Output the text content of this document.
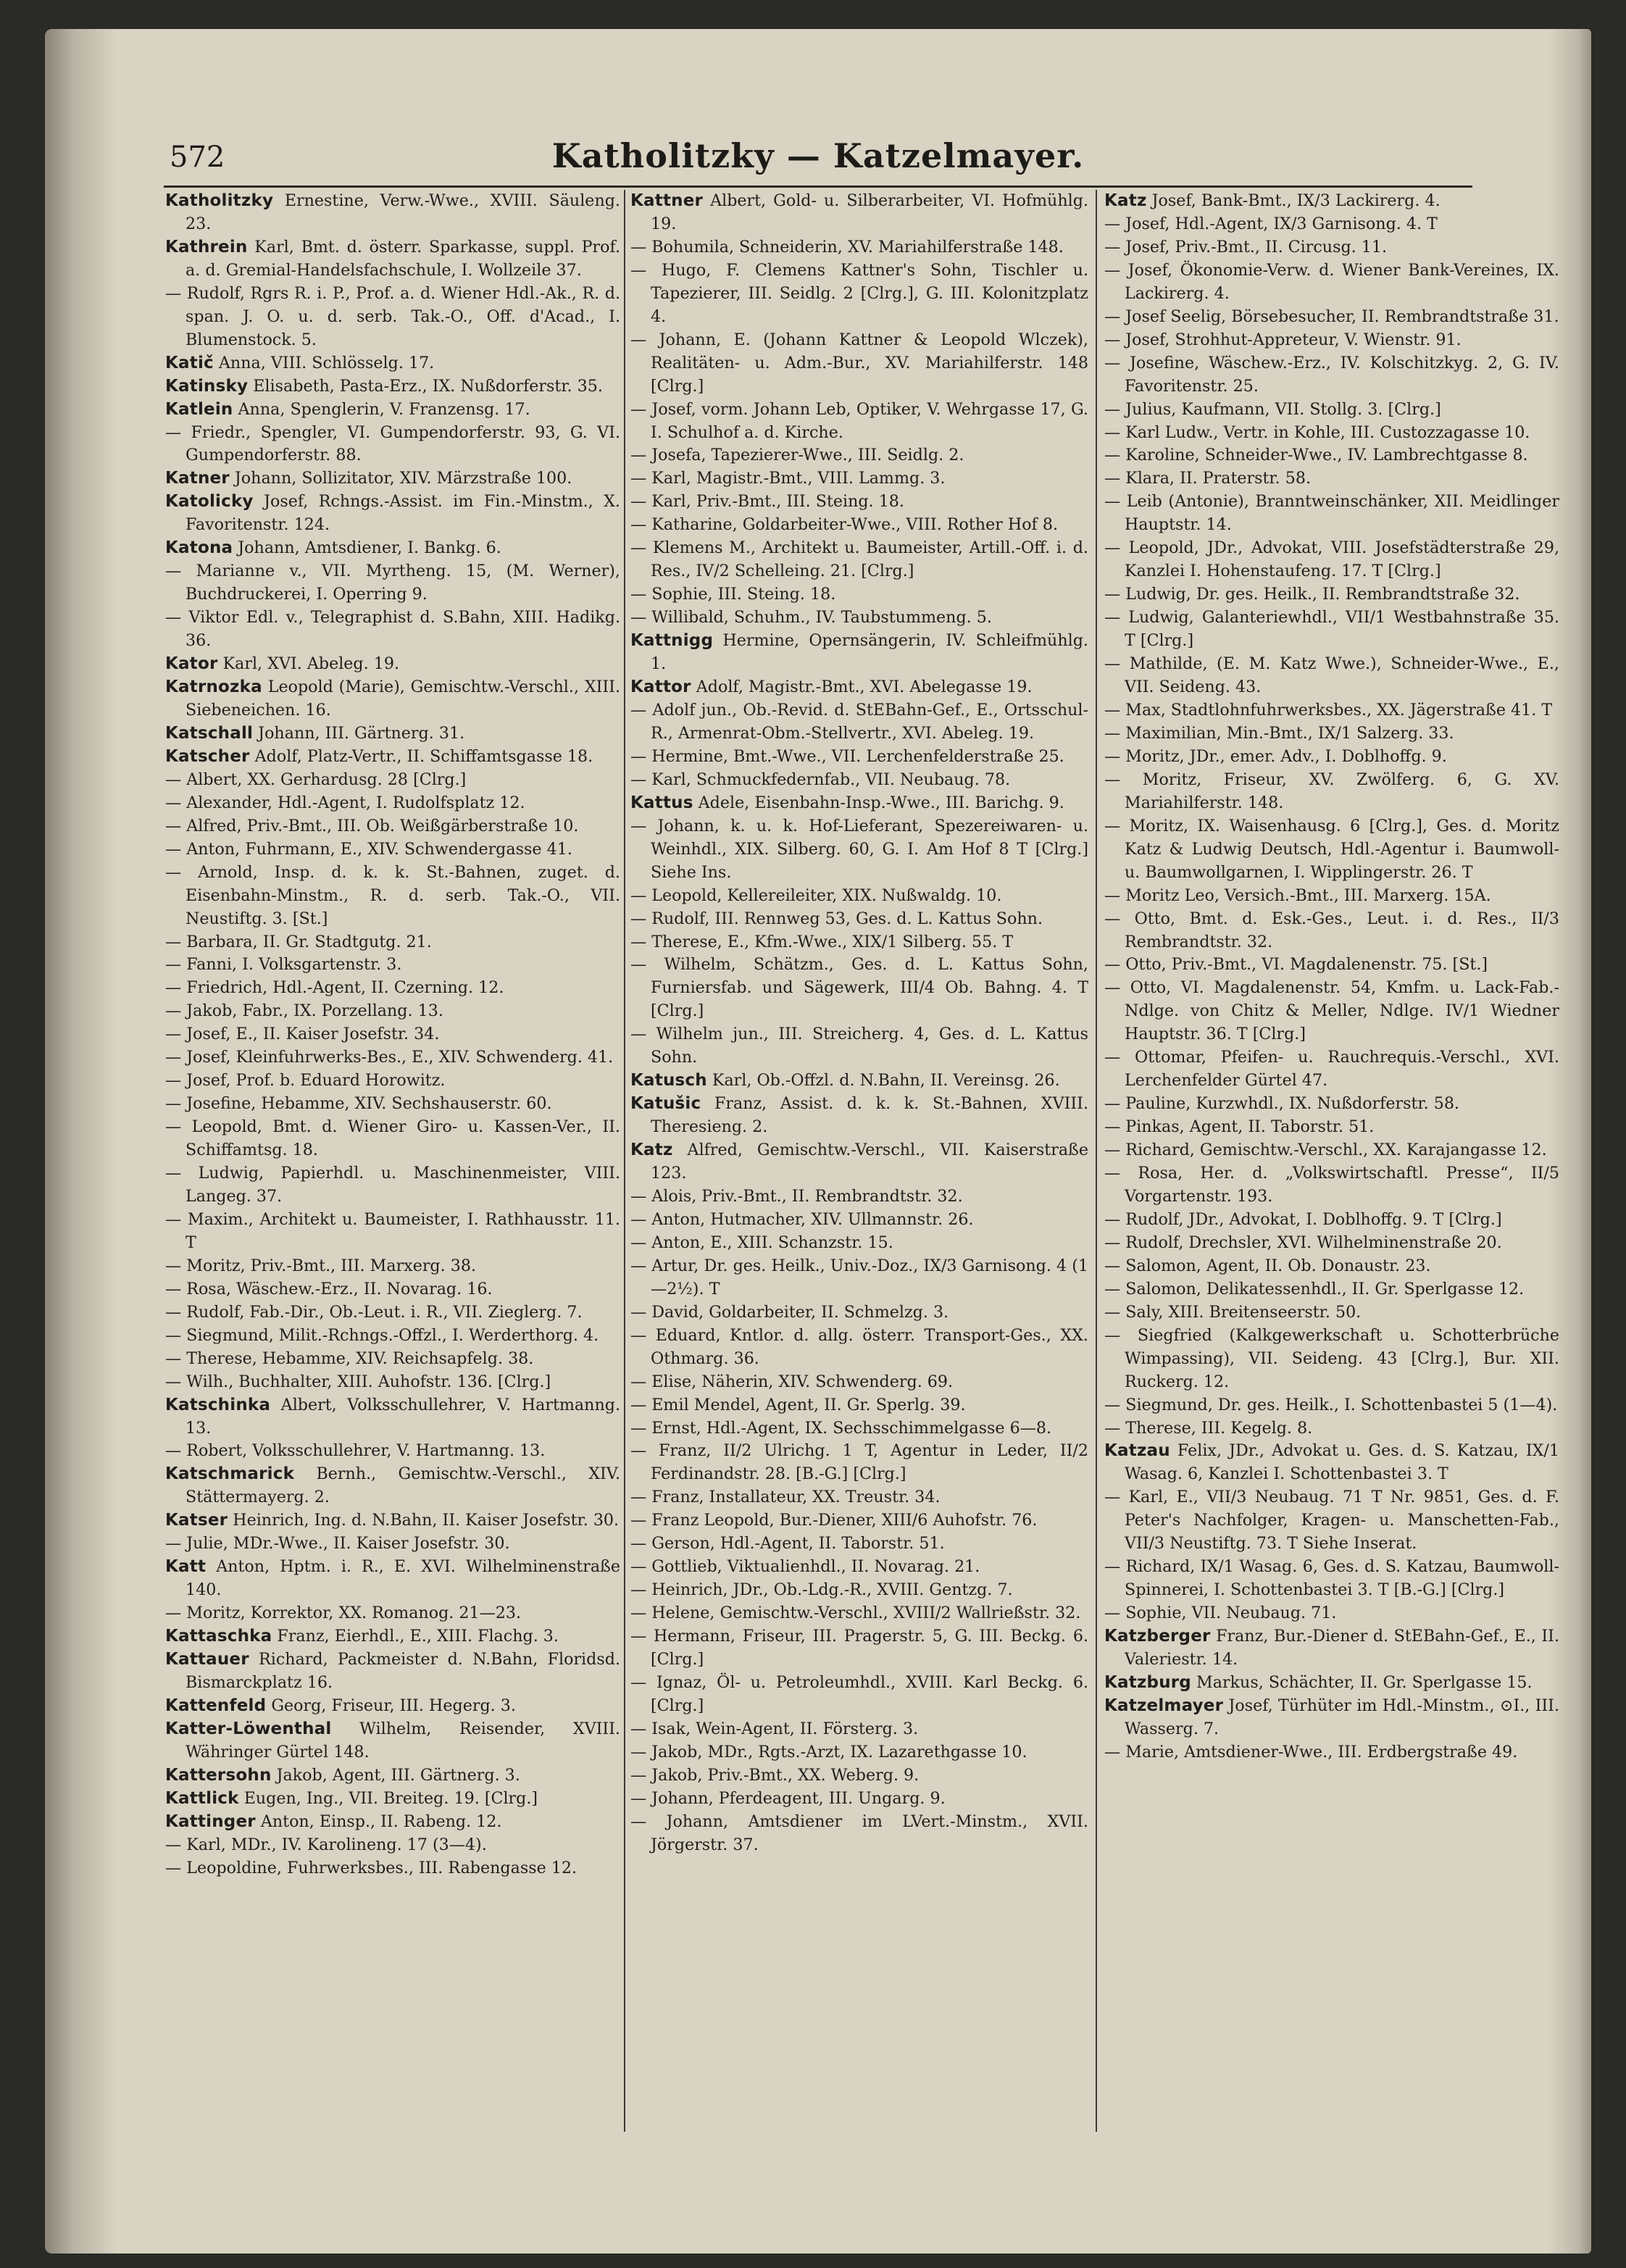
572	Katholitzky — Katzelmayer.
Katholitzky Ernestine, Verw.-Wwe., XVIII. Säuleng. 23.
Kathrein Karl, Bmt. d. österr. Sparkasse, suppl. Prof. a. d. Gremial-Handelsfachschule, I. Wollzeile 37.
— Rudolf, Rgrs R. i. P., Prof. a. d. Wiener Hdl.-Ak., R. d. span. J. O. u. d. serb. Tak.-O., Off. d'Acad., I. Blumenstock. 5.
Katič Anna, VIII. Schlösselg. 17.
Katinsky Elisabeth, Pasta-Erz., IX. Nußdorferstr. 35.
Katlein Anna, Spenglerin, V. Franzensg. 17.
— Friedr., Spengler, VI. Gumpendorferstr. 93, G. VI. Gumpendorferstr. 88.
Katner Johann, Sollizitator, XIV. Märzstraße 100.
Katolicky Josef, Rchngs.-Assist. im Fin.-Minstm., X. Favoritenstr. 124.
Katona Johann, Amtsdiener, I. Bankg. 6.
— Marianne v., VII. Myrtheng. 15, (M. Werner), Buchdruckerei, I. Operring 9.
— Viktor Edl. v., Telegraphist d. S.Bahn, XIII. Hadikg. 36.
Kator Karl, XVI. Abeleg. 19.
Katrnozka Leopold (Marie), Gemischtw.-Verschl., XIII. Siebeneichen. 16.
Katschall Johann, III. Gärtnerg. 31.
Katscher Adolf, Platz-Vertr., II. Schiffamtsgasse 18.
— Albert, XX. Gerhardusg. 28 [Clrg.]
— Alexander, Hdl.-Agent, I. Rudolfsplatz 12.
— Alfred, Priv.-Bmt., III. Ob. Weißgärberstraße 10.
— Anton, Fuhrmann, E., XIV. Schwendergasse 41.
— Arnold, Insp. d. k. k. St.-Bahnen, zuget. d. Eisenbahn-Minstm., R. d. serb. Tak.-O., VII. Neustiftg. 3. [St.]
— Barbara, II. Gr. Stadtgutg. 21.
— Fanni, I. Volksgartenstr. 3.
— Friedrich, Hdl.-Agent, II. Czerning. 12.
— Jakob, Fabr., IX. Porzellang. 13.
— Josef, E., II. Kaiser Josefstr. 34.
— Josef, Kleinfuhrwerks-Bes., E., XIV. Schwenderg. 41.
— Josef, Prof. b. Eduard Horowitz.
— Josefine, Hebamme, XIV. Sechshauserstr. 60.
— Leopold, Bmt. d. Wiener Giro- u. Kassen-Ver., II. Schiffamtsg. 18.
— Ludwig, Papierhdl. u. Maschinenmeister, VIII. Langeg. 37.
— Maxim., Architekt u. Baumeister, I. Rathhausstr. 11. T
— Moritz, Priv.-Bmt., III. Marxerg. 38.
— Rosa, Wäschew.-Erz., II. Novarag. 16.
— Rudolf, Fab.-Dir., Ob.-Leut. i. R., VII. Zieglerg. 7.
— Siegmund, Milit.-Rchngs.-Offzl., I. Werderthorg. 4.
— Therese, Hebamme, XIV. Reichsapfelg. 38.
— Wilh., Buchhalter, XIII. Auhofstr. 136. [Clrg.]
Katschinka Albert, Volksschullehrer, V. Hartmanng. 13.
— Robert, Volksschullehrer, V. Hartmanng. 13.
Katschmarick Bernh., Gemischtw.-Verschl., XIV. Stättermayerg. 2.
Katser Heinrich, Ing. d. N.Bahn, II. Kaiser Josefstr. 30.
— Julie, MDr.-Wwe., II. Kaiser Josefstr. 30.
Katt Anton, Hptm. i. R., E. XVI. Wilhelminenstraße 140.
— Moritz, Korrektor, XX. Romanog. 21—23.
Kattaschka Franz, Eierhdl., E., XIII. Flachg. 3.
Kattauer Richard, Packmeister d. N.Bahn, Floridsd. Bismarckplatz 16.
Kattenfeld Georg, Friseur, III. Hegerg. 3.
Katter-Löwenthal Wilhelm, Reisender, XVIII. Währinger Gürtel 148.
Kattersohn Jakob, Agent, III. Gärtnerg. 3.
Kattlick Eugen, Ing., VII. Breiteg. 19. [Clrg.]
Kattinger Anton, Einsp., II. Rabeng. 12.
— Karl, MDr., IV. Karolineng. 17 (3—4).
— Leopoldine, Fuhrwerksbes., III. Rabengasse 12.
Kattner Albert, Gold- u. Silberarbeiter, VI. Hofmühlg. 19.
— Bohumila, Schneiderin, XV. Mariahilferstraße 148.
— Hugo, F. Clemens Kattner's Sohn, Tischler u. Tapezierer, III. Seidlg. 2 [Clrg.], G. III. Kolonitzplatz 4.
— Johann, E. (Johann Kattner & Leopold Wlczek), Realitäten- u. Adm.-Bur., XV. Mariahilferstr. 148 [Clrg.]
— Josef, vorm. Johann Leb, Optiker, V. Wehrgasse 17, G. I. Schulhof a. d. Kirche.
— Josefa, Tapezierer-Wwe., III. Seidlg. 2.
— Karl, Magistr.-Bmt., VIII. Lammg. 3.
— Karl, Priv.-Bmt., III. Steing. 18.
— Katharine, Goldarbeiter-Wwe., VIII. Rother Hof 8.
— Klemens M., Architekt u. Baumeister, Artill.-Off. i. d. Res., IV/2 Schelleing. 21. [Clrg.]
— Sophie, III. Steing. 18.
— Willibald, Schuhm., IV. Taubstummeng. 5.
Kattnigg Hermine, Opernsängerin, IV. Schleifmühlg. 1.
Kattor Adolf, Magistr.-Bmt., XVI. Abelegasse 19.
— Adolf jun., Ob.-Revid. d. StEBahn-Gef., E., Ortsschul-R., Armenrat-Obm.-Stellvertr., XVI. Abeleg. 19.
— Hermine, Bmt.-Wwe., VII. Lerchenfelderstraße 25.
— Karl, Schmuckfedernfab., VII. Neubaug. 78.
Kattus Adele, Eisenbahn-Insp.-Wwe., III. Barichg. 9.
— Johann, k. u. k. Hof-Lieferant, Spezereiwaren- u. Weinhdl., XIX. Silberg. 60, G. I. Am Hof 8 T [Clrg.] Siehe Ins.
— Leopold, Kellereileiter, XIX. Nußwaldg. 10.
— Rudolf, III. Rennweg 53, Ges. d. L. Kattus Sohn.
— Therese, E., Kfm.-Wwe., XIX/1 Silberg. 55. T
— Wilhelm, Schätzm., Ges. d. L. Kattus Sohn, Furniersfab. und Sägewerk, III/4 Ob. Bahng. 4. T [Clrg.]
— Wilhelm jun., III. Streicherg. 4, Ges. d. L. Kattus Sohn.
Katusch Karl, Ob.-Offzl. d. N.Bahn, II. Vereinsg. 26.
Katušic Franz, Assist. d. k. k. St.-Bahnen, XVIII. Theresieng. 2.
Katz Alfred, Gemischtw.-Verschl., VII. Kaiserstraße 123.
— Alois, Priv.-Bmt., II. Rembrandtstr. 32.
— Anton, Hutmacher, XIV. Ullmannstr. 26.
— Anton, E., XIII. Schanzstr. 15.
— Artur, Dr. ges. Heilk., Univ.-Doz., IX/3 Garnisong. 4 (1—2½). T
— David, Goldarbeiter, II. Schmelzg. 3.
— Eduard, Kntlor. d. allg. österr. Transport-Ges., XX. Othmarg. 36.
— Elise, Näherin, XIV. Schwenderg. 69.
— Emil Mendel, Agent, II. Gr. Sperlg. 39.
— Ernst, Hdl.-Agent, IX. Sechsschimmelgasse 6—8.
— Franz, II/2 Ulrichg. 1 T, Agentur in Leder, II/2 Ferdinandstr. 28. [B.-G.] [Clrg.]
— Franz, Installateur, XX. Treustr. 34.
— Franz Leopold, Bur.-Diener, XIII/6 Auhofstr. 76.
— Gerson, Hdl.-Agent, II. Taborstr. 51.
— Gottlieb, Viktualienhdl., II. Novarag. 21.
— Heinrich, JDr., Ob.-Ldg.-R., XVIII. Gentzg. 7.
— Helene, Gemischtw.-Verschl., XVIII/2 Wallrießstr. 32.
— Hermann, Friseur, III. Pragerstr. 5, G. III. Beckg. 6. [Clrg.]
— Ignaz, Öl- u. Petroleumhdl., XVIII. Karl Beckg. 6. [Clrg.]
— Isak, Wein-Agent, II. Försterg. 3.
— Jakob, MDr., Rgts.-Arzt, IX. Lazarethgasse 10.
— Jakob, Priv.-Bmt., XX. Weberg. 9.
— Johann, Pferdeagent, III. Ungarg. 9.
— Johann, Amtsdiener im LVert.-Minstm., XVII. Jörgerstr. 37.
Katz Josef, Bank-Bmt., IX/3 Lackirerg. 4.
— Josef, Hdl.-Agent, IX/3 Garnisong. 4. T
— Josef, Priv.-Bmt., II. Circusg. 11.
— Josef, Ökonomie-Verw. d. Wiener Bank-Vereines, IX. Lackirerg. 4.
— Josef Seelig, Börsebesucher, II. Rembrandtstraße 31.
— Josef, Strohhut-Appreteur, V. Wienstr. 91.
— Josefine, Wäschew.-Erz., IV. Kolschitzkyg. 2, G. IV. Favoritenstr. 25.
— Julius, Kaufmann, VII. Stollg. 3. [Clrg.]
— Karl Ludw., Vertr. in Kohle, III. Custozzagasse 10.
— Karoline, Schneider-Wwe., IV. Lambrechtgasse 8.
— Klara, II. Praterstr. 58.
— Leib (Antonie), Branntweinschänker, XII. Meidlinger Hauptstr. 14.
— Leopold, JDr., Advokat, VIII. Josefstädterstraße 29, Kanzlei I. Hohenstaufeng. 17. T [Clrg.]
— Ludwig, Dr. ges. Heilk., II. Rembrandtstraße 32.
— Ludwig, Galanteriewhdl., VII/1 Westbahnstraße 35. T [Clrg.]
— Mathilde, (E. M. Katz Wwe.), Schneider-Wwe., E., VII. Seideng. 43.
— Max, Stadtlohnfuhrwerksbes., XX. Jägerstraße 41. T
— Maximilian, Min.-Bmt., IX/1 Salzerg. 33.
— Moritz, JDr., emer. Adv., I. Doblhoffg. 9.
— Moritz, Friseur, XV. Zwölferg. 6, G. XV. Mariahilferstr. 148.
— Moritz, IX. Waisenhausg. 6 [Clrg.], Ges. d. Moritz Katz & Ludwig Deutsch, Hdl.-Agentur i. Baumwoll- u. Baumwollgarnen, I. Wipplingerstr. 26. T
— Moritz Leo, Versich.-Bmt., III. Marxerg. 15A.
— Otto, Bmt. d. Esk.-Ges., Leut. i. d. Res., II/3 Rembrandtstr. 32.
— Otto, Priv.-Bmt., VI. Magdalenenstr. 75. [St.]
— Otto, VI. Magdalenenstr. 54, Kmfm. u. Lack-Fab.-Ndlge. von Chitz & Meller, Ndlge. IV/1 Wiedner Hauptstr. 36. T [Clrg.]
— Ottomar, Pfeifen- u. Rauchrequis.-Verschl., XVI. Lerchenfelder Gürtel 47.
— Pauline, Kurzwhdl., IX. Nußdorferstr. 58.
— Pinkas, Agent, II. Taborstr. 51.
— Richard, Gemischtw.-Verschl., XX. Karajangasse 12.
— Rosa, Her. d. „Volkswirtschaftl. Presse“, II/5 Vorgartenstr. 193.
— Rudolf, JDr., Advokat, I. Doblhoffg. 9. T [Clrg.]
— Rudolf, Drechsler, XVI. Wilhelminenstraße 20.
— Salomon, Agent, II. Ob. Donaustr. 23.
— Salomon, Delikatessenhdl., II. Gr. Sperlgasse 12.
— Saly, XIII. Breitenseerstr. 50.
— Siegfried (Kalkgewerkschaft u. Schotterbrüche Wimpassing), VII. Seideng. 43 [Clrg.], Bur. XII. Ruckerg. 12.
— Siegmund, Dr. ges. Heilk., I. Schottenbastei 5 (1—4).
— Therese, III. Kegelg. 8.
Katzau Felix, JDr., Advokat u. Ges. d. S. Katzau, IX/1 Wasag. 6, Kanzlei I. Schottenbastei 3. T
— Karl, E., VII/3 Neubaug. 71 T Nr. 9851, Ges. d. F. Peter's Nachfolger, Kragen- u. Manschetten-Fab., VII/3 Neustiftg. 73. T Siehe Inserat.
— Richard, IX/1 Wasag. 6, Ges. d. S. Katzau, Baumwoll-Spinnerei, I. Schottenbastei 3. T [B.-G.] [Clrg.]
— Sophie, VII. Neubaug. 71.
Katzberger Franz, Bur.-Diener d. StEBahn-Gef., E., II. Valeriestr. 14.
Katzburg Markus, Schächter, II. Gr. Sperlgasse 15.
Katzelmayer Josef, Türhüter im Hdl.-Minstm., ⊙I., III. Wasserg. 7.
— Marie, Amtsdiener-Wwe., III. Erdbergstraße 49.
